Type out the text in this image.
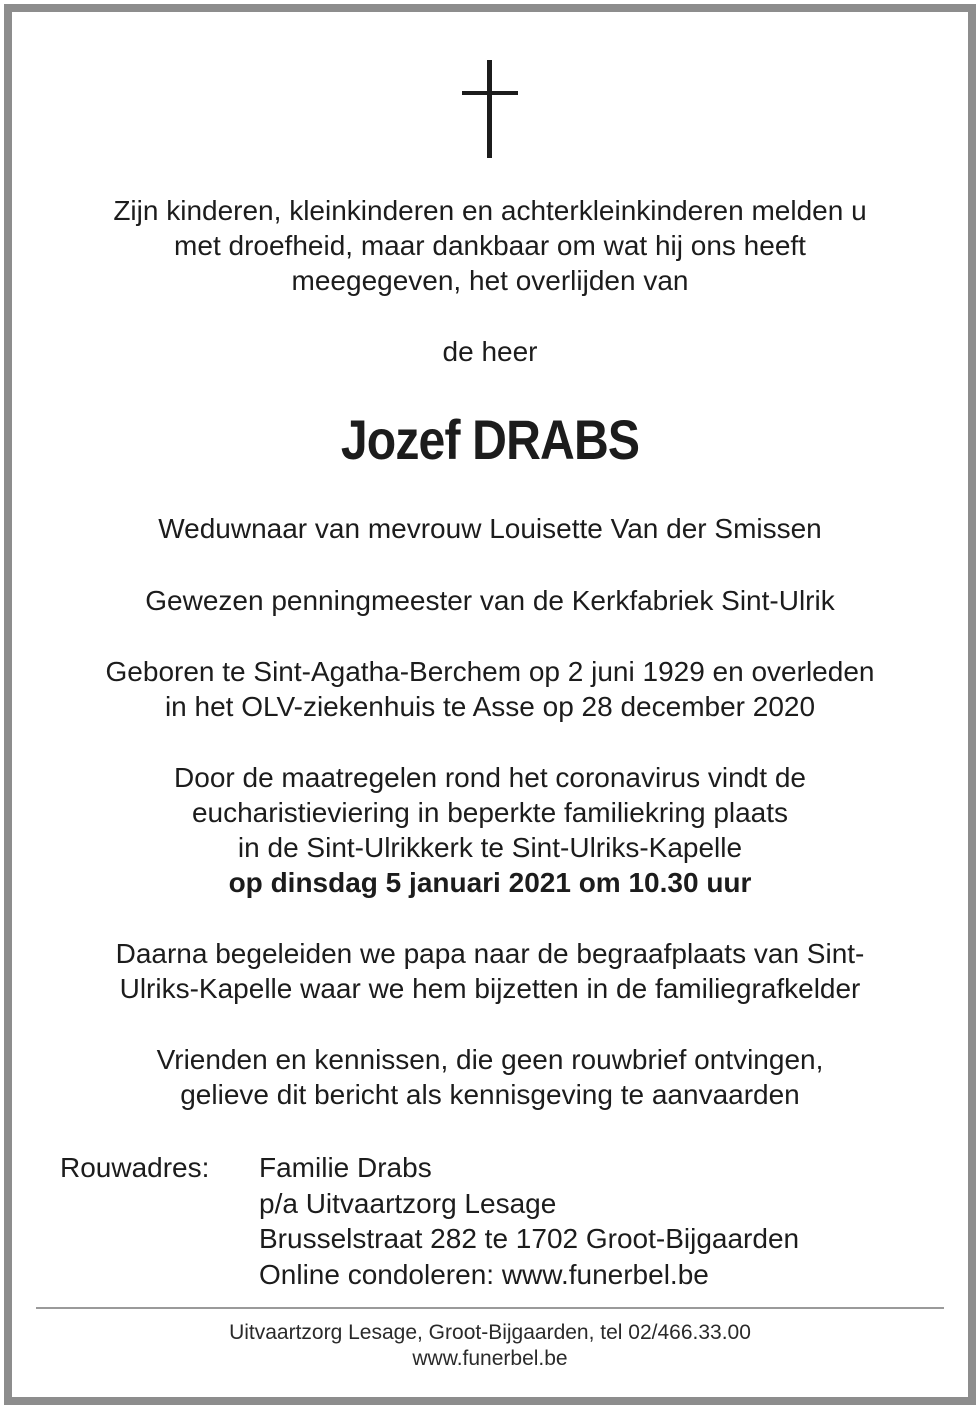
Zijn kinderen, kleinkinderen en achterkleinkinderen melden u

met droefheid, maar dankbaar om wat hij ons heeft

meegegeven, het overlijden van

de heer

Jozef DRABS

Weduwnaar van mevrouw Louisette Van der Smissen

Gewezen penningmeester van de Kerkfabriek Sint-Ulrik

Geboren te Sint-Agatha-Berchem op 2 juni 1929 en overleden

in het OLV-ziekenhuis te Asse op 28 december 2020

Door de maatregelen rond het coronavirus vindt de

eucharistieviering in beperkte familiekring plaats

in de Sint-Ulrikkerk te Sint-Ulriks-Kapelle

op dinsdag 5 januari 2021 om 10.30 uur

Daarna begeleiden we papa naar de begraafplaats van Sint-

Ulriks-Kapelle waar we hem bijzetten in de familiegrafkelder

Vrienden en kennissen, die geen rouwbrief ontvingen,

gelieve dit bericht als kennisgeving te aanvaarden

Rouwadres: Familie Drabs
p/a Uitvaartzorg Lesage
Brusselstraat 282 te 1702 Groot-Bijgaarden
Online condoleren: www.funerbel.be

Uitvaartzorg Lesage, Groot-Bijgaarden, tel 02/466.33.00

www.funerbel.be
